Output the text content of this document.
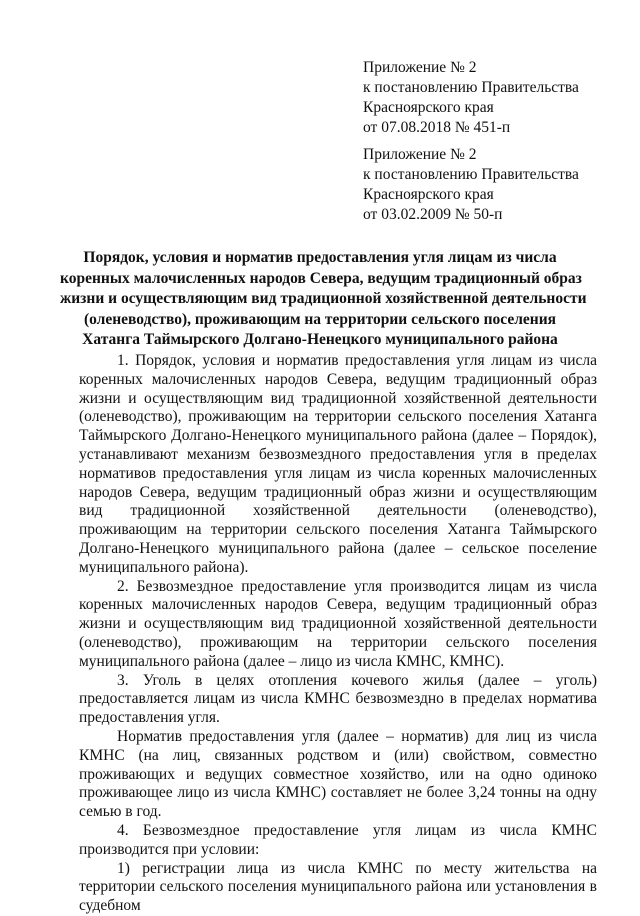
Приложение № 2
к постановлению Правительства
Красноярского края
от 07.08.2018 № 451-п
Приложение № 2
к постановлению Правительства
Красноярского края
от 03.02.2009 № 50-п
Порядок, условия и норматив предоставления угля лицам из числа
коренных малочисленных народов Севера, ведущим традиционный образ
жизни и осуществляющим вид традиционной хозяйственной деятельности
(оленеводство), проживающим на территории сельского поселения
Хатанга Таймырского Долгано-Ненецкого муниципального района

1. Порядок, условия и норматив предоставления угля лицам из числа коренных малочисленных народов Севера, ведущим традиционный образ жизни и осуществляющим вид традиционной хозяйственной деятельности (оленеводство), проживающим на территории сельского поселения Хатанга Таймырского Долгано-Ненецкого муниципального района (далее – Порядок), устанавливают механизм безвозмездного предоставления угля в пределах нормативов предоставления угля лицам из числа коренных малочисленных народов Севера, ведущим традиционный образ жизни и осуществляющим вид традиционной хозяйственной деятельности (оленеводство), проживающим на территории сельского поселения Хатанга Таймырского Долгано-Ненецкого муниципального района (далее – сельское поселение муниципального района).

2. Безвозмездное предоставление угля производится лицам из числа коренных малочисленных народов Севера, ведущим традиционный образ жизни и осуществляющим вид традиционной хозяйственной деятельности (оленеводство), проживающим на территории сельского поселения муниципального района (далее – лицо из числа КМНС, КМНС).

3. Уголь в целях отопления кочевого жилья (далее – уголь) предоставляется лицам из числа КМНС безвозмездно в пределах норматива предоставления угля.

Норматив предоставления угля (далее – норматив) для лиц из числа КМНС (на лиц, связанных родством и (или) свойством, совместно проживающих и ведущих совместное хозяйство, или на одно одиноко проживающее лицо из числа КМНС) составляет не более 3,24 тонны на одну семью в год.

4. Безвозмездное предоставление угля лицам из числа КМНС производится при условии:

1) регистрации лица из числа КМНС по месту жительства на территории сельского поселения муниципального района или установления в судебном
